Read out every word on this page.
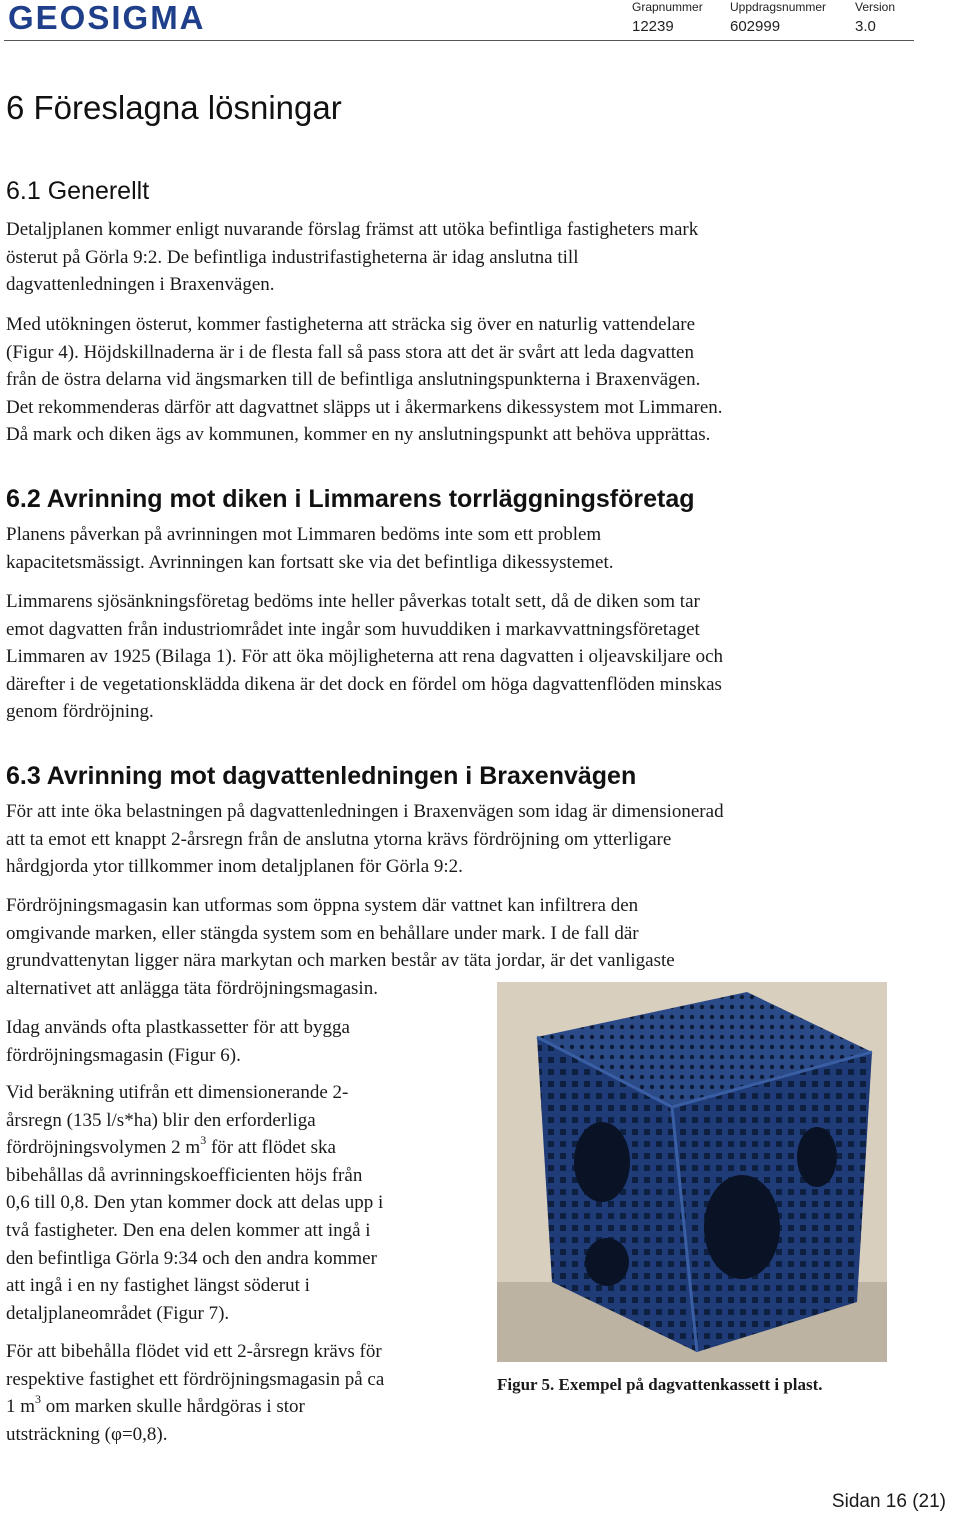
GEOSIGMA	Grapnummer
12239
Uppdragsnummer
602999
Version
3.0
6 Föreslagna lösningar
6.1 Generellt
Detaljplanen kommer enligt nuvarande förslag främst att utöka befintliga fastigheters mark
österut på Görla 9:2. De befintliga industrifastigheterna är idag anslutna till
dagvattenledningen i Braxenvägen.
Med utökningen österut, kommer fastigheterna att sträcka sig över en naturlig vattendelare
(Figur 4). Höjdskillnaderna är i de flesta fall så pass stora att det är svårt att leda dagvatten
från de östra delarna vid ängsmarken till de befintliga anslutningspunkterna i Braxenvägen.
Det rekommenderas därför att dagvattnet släpps ut i åkermarkens dikessystem mot Limmaren.
Då mark och diken ägs av kommunen, kommer en ny anslutningspunkt att behöva upprättas.
6.2 Avrinning mot diken i Limmarens torrläggningsföretag
Planens påverkan på avrinningen mot Limmaren bedöms inte som ett problem
kapacitetsmässigt. Avrinningen kan fortsatt ske via det befintliga dikessystemet.
Limmarens sjösänkningsföretag bedöms inte heller påverkas totalt sett, då de diken som tar
emot dagvatten från industriområdet inte ingår som huvuddiken i markavvattningsföretaget
Limmaren av 1925 (Bilaga 1). För att öka möjligheterna att rena dagvatten i oljeavskiljare och
därefter i de vegetationsklädda dikena är det dock en fördel om höga dagvattenflöden minskas
genom fördröjning.
6.3 Avrinning mot dagvattenledningen i Braxenvägen
För att inte öka belastningen på dagvattenledningen i Braxenvägen som idag är dimensionerad
att ta emot ett knappt 2-årsregn från de anslutna ytorna krävs fördröjning om ytterligare
hårdgjorda ytor tillkommer inom detaljplanen för Görla 9:2.
Fördröjningsmagasin kan utformas som öppna system där vattnet kan infiltrera den
omgivande marken, eller stängda system som en behållare under mark. I de fall där
grundvattenytan ligger nära markytan och marken består av täta jordar, är det vanligaste
alternativet att anlägga täta fördröjningsmagasin.
Idag används ofta plastkassetter för att bygga
fördröjningsmagasin (Figur 6).
Vid beräkning utifrån ett dimensionerande 2-
årsregn (135 l/s*ha) blir den erforderliga
fördröjningsvolymen 2 $m^3$ för att flödet ska
bibehållas då avrinningskoefficienten höjs från
0,6 till 0,8. Den ytan kommer dock att delas upp i
två fastigheter. Den ena delen kommer att ingå i
den befintliga Görla 9:34 och den andra kommer
att ingå i en ny fastighet längst söderut i
detaljplaneområdet (Figur 7).
För att bibehålla flödet vid ett 2-årsregn krävs för
respektive fastighet ett fördröjningsmagasin på ca
1 $m^3$ om marken skulle hårdgöras i stor
utsträckning (φ=0,8).
Figur 5. Exempel på dagvattenkassett i plast.
Sidan 16 (21)
